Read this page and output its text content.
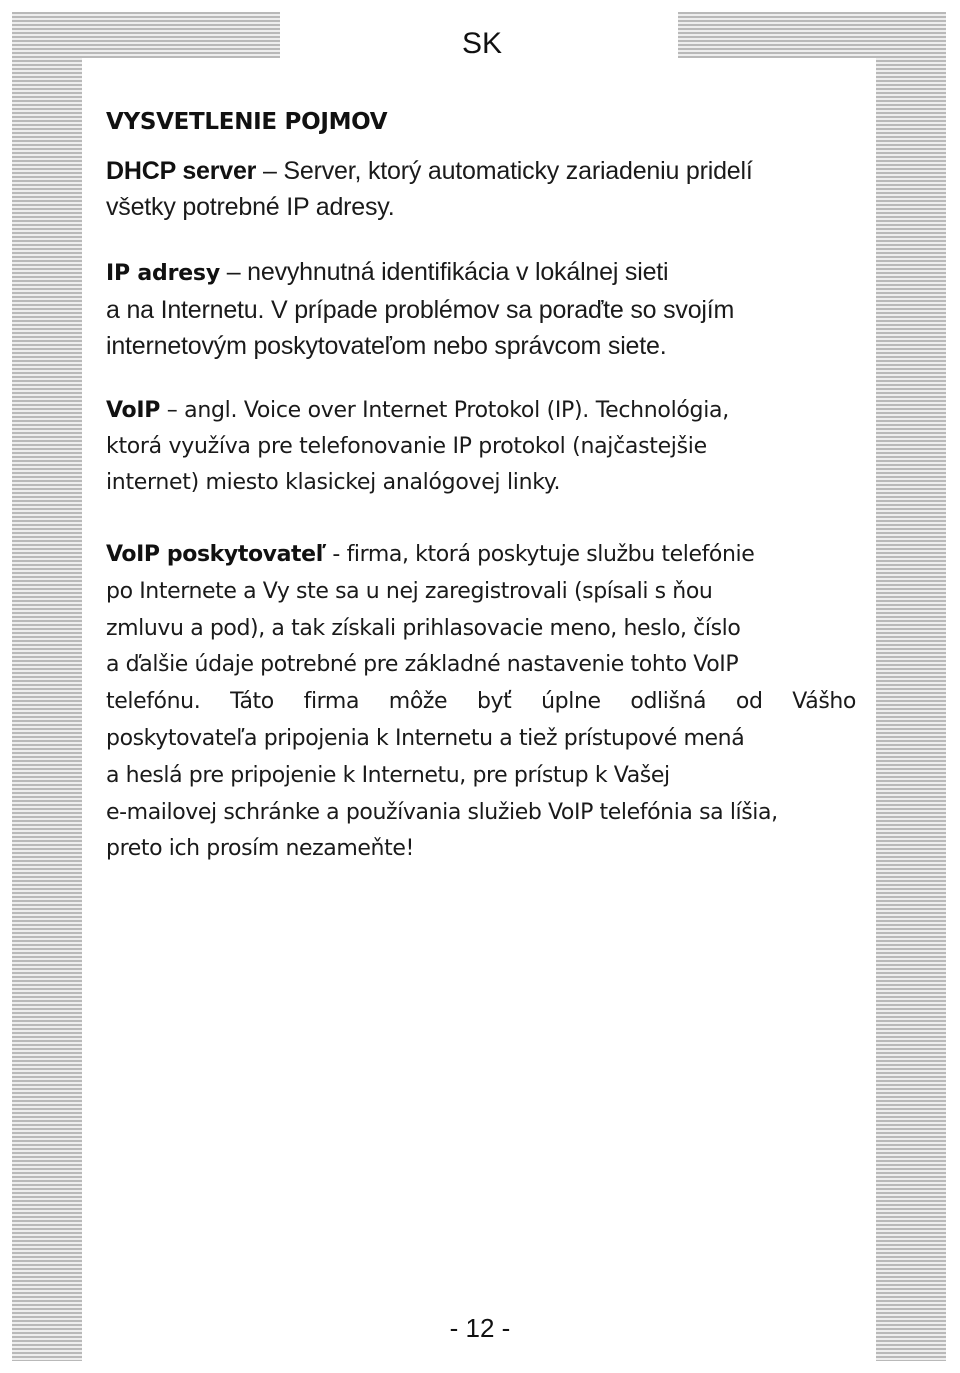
SK

VYSVETLENIE POJMOV

DHCP server – Server, ktorý automaticky zariadeniu pridelí
všetky potrebné IP adresy.

IP adresy – nevyhnutná identifikácia v lokálnej sieti
a na Internetu. V prípade problémov sa poraďte so svojím
internetovým poskytovateľom nebo správcom siete.

VoIP – angl. Voice over Internet Protokol (IP). Technológia,
ktorá využíva pre telefonovanie IP protokol (najčastejšie
internet) miesto klasickej analógovej linky.

VoIP poskytovateľ - firma, ktorá poskytuje službu telefónie
po Internete a Vy ste sa u nej zaregistrovali (spísali s ňou
zmluvu a pod), a tak získali prihlasovacie meno, heslo, číslo
a ďalšie údaje potrebné pre základné nastavenie tohto VoIP
telefónu. Táto firma môže byť úplne odlišná od Vášho
poskytovateľa pripojenia k Internetu a tiež prístupové mená
a heslá pre pripojenie k Internetu, pre prístup k Vašej
e-mailovej schránke a používania služieb VoIP telefónia sa líšia,
preto ich prosím nezameňte!

- 12 -
